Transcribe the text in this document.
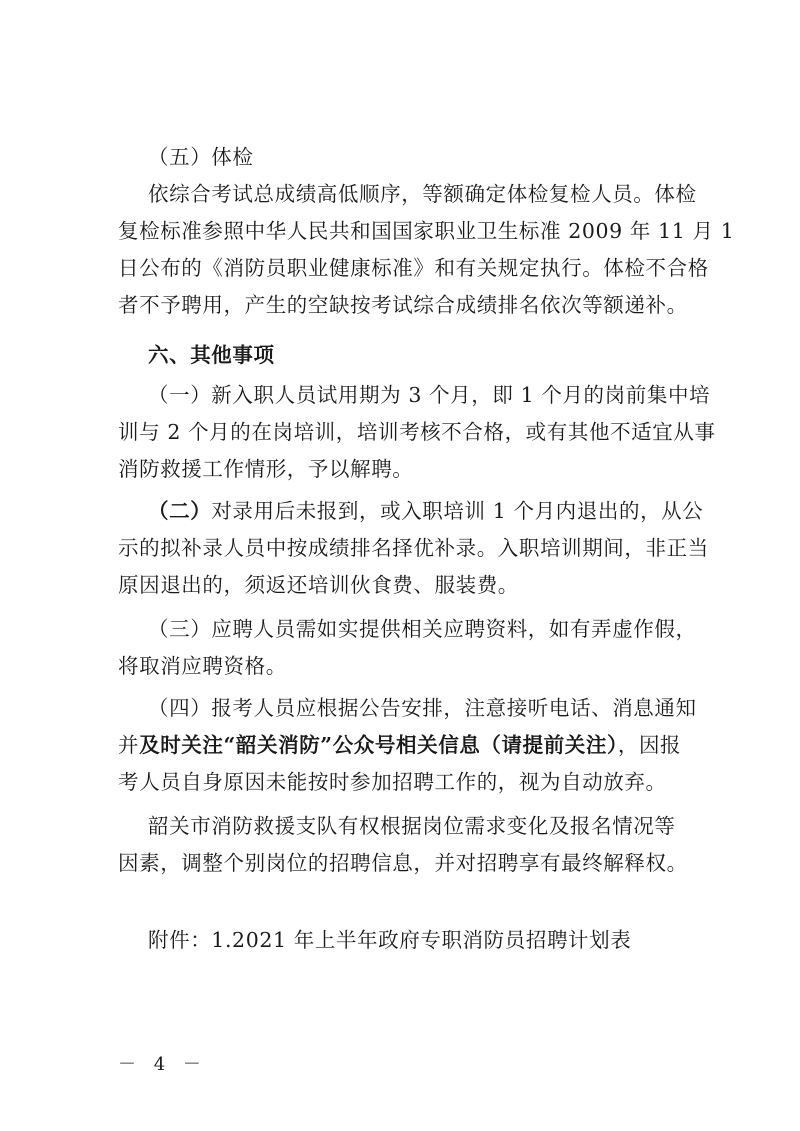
（五）体检
依综合考试总成绩高低顺序，等额确定体检复检人员。体检
复检标准参照中华人民共和国国家职业卫生标准 2009 年 11 月 1
日公布的《消防员职业健康标准》和有关规定执行。体检不合格
者不予聘用，产生的空缺按考试综合成绩排名依次等额递补。

六、其他事项

（一）新入职人员试用期为 3 个月，即 1 个月的岗前集中培
训与 2 个月的在岗培训，培训考核不合格，或有其他不适宜从事
消防救援工作情形，予以解聘。

（二）对录用后未报到，或入职培训 1 个月内退出的，从公
示的拟补录人员中按成绩排名择优补录。入职培训期间，非正当
原因退出的，须返还培训伙食费、服装费。

（三）应聘人员需如实提供相关应聘资料，如有弄虚作假，
将取消应聘资格。

（四）报考人员应根据公告安排，注意接听电话、消息通知
并及时关注“韶关消防”公众号相关信息（请提前关注），因报
考人员自身原因未能按时参加招聘工作的，视为自动放弃。

韶关市消防救援支队有权根据岗位需求变化及报名情况等
因素，调整个别岗位的招聘信息，并对招聘享有最终解释权。

附件：1.2021 年上半年政府专职消防员招聘计划表

－ 4 －
